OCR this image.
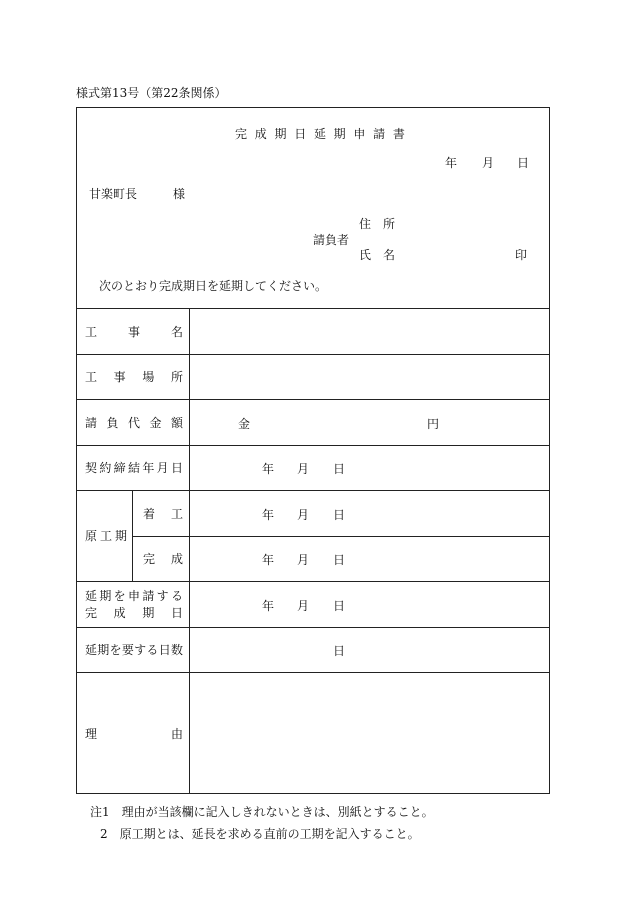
様式第13号（第22条関係）
完 成 期 日 延 期 申 請 書
年 月 日
甘楽町長	様
住 所
請負者
氏 名	印
次のとおり完成期日を延期してください。
工	事	名
工 事 場 所
請 負 代 金 額	金	円
契 約 締 結 年 月 日	年 月 日
原 工 期
着 工	年 月 日
完 成	年 月 日
延 期 を 申 請 す る
完 成 期 日	年 月 日
延 期 を 要 す る 日 数	日
理	由
注1　理由が当該欄に記入しきれないときは、別紙とすること。
2　原工期とは、延長を求める直前の工期を記入すること。
